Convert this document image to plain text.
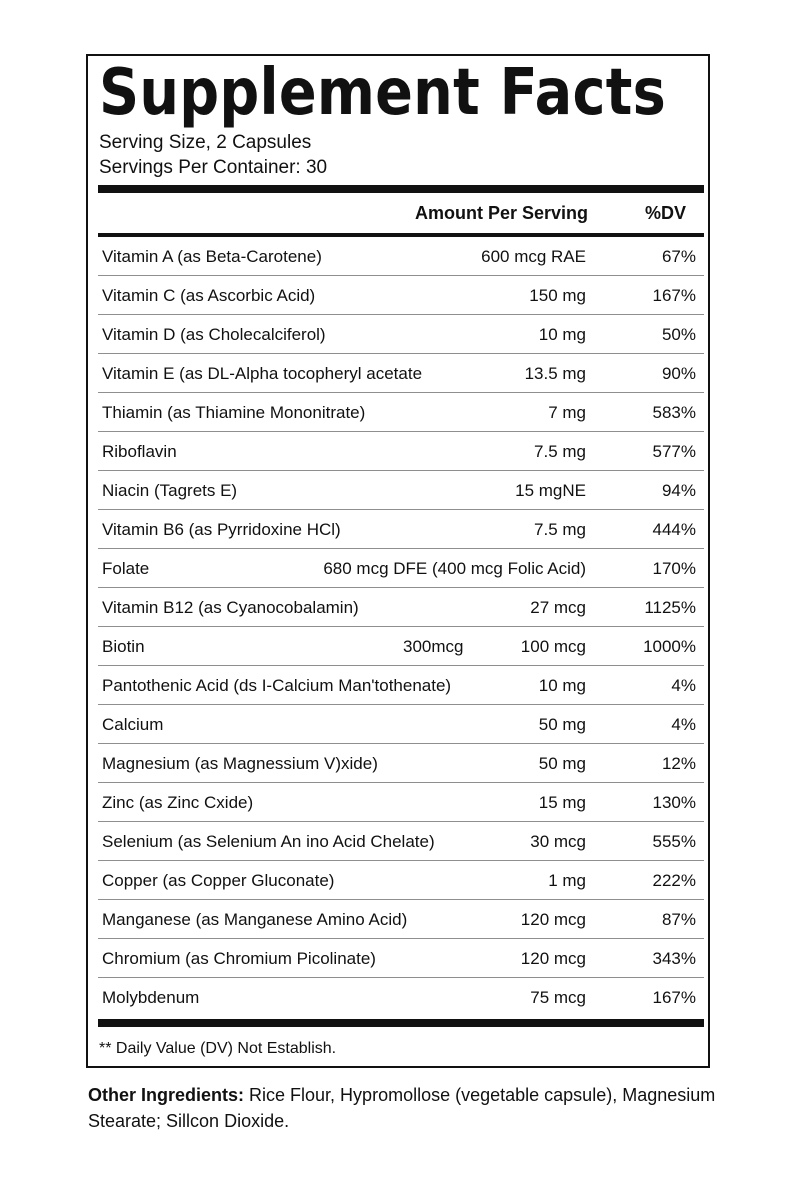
Supplement Facts
Serving Size, 2 Capsules
Servings Per Container: 30
Amount Per Serving	%DV
Vitamin A (as Beta-Carotene)	600 mcg RAE	67%
Vitamin C (as Ascorbic Acid)	150 mg	167%
Vitamin D (as Cholecalciferol)	10 mg	50%
Vitamin E (as DL-Alpha tocopheryl acetate	13.5 mg	90%
Thiamin (as Thiamine Mononitrate)	7 mg	583%
Riboflavin	7.5 mg	577%
Niacin (Tagrets E)	15 mgNE	94%
Vitamin B6 (as Pyrridoxine HCl)	7.5 mg	444%
Folate	680 mcg DFE (400 mcg Folic Acid)	170%
Vitamin B12 (as Cyanocobalamin)	27 mcg	1125%
Biotin	300mcg	100 mcg	1000%
Pantothenic Acid (ds I-Calcium Man'tothenate)	10 mg	4%
Calcium	50 mg	4%
Magnesium (as Magnessium V)xide)	50 mg	12%
Zinc (as Zinc Cxide)	15 mg	130%
Selenium (as Selenium An ino Acid Chelate)	30 mcg	555%
Copper (as Copper Gluconate)	1 mg	222%
Manganese (as Manganese Amino Acid)	120 mcg	87%
Chromium (as Chromium Picolinate)	120 mcg	343%
Molybdenum	75 mcg	167%
** Daily Value (DV) Not Establish.
Other Ingredients: Rice Flour, Hypromollose (vegetable capsule), Magnesium Stearate; Sillcon Dioxide.
